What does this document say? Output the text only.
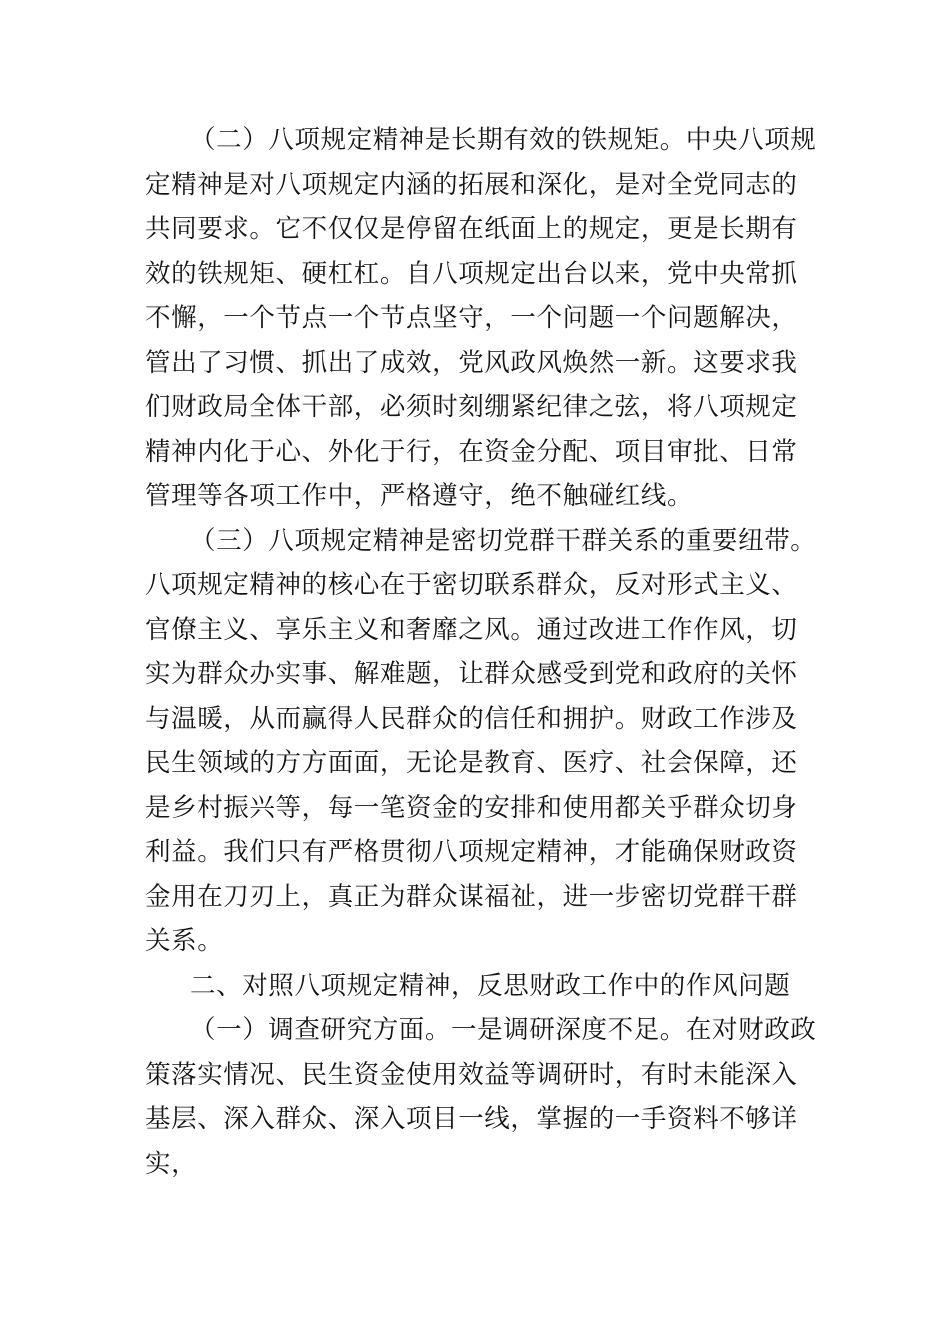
（二）八项规定精神是长期有效的铁规矩。中央八项规
定精神是对八项规定内涵的拓展和深化，是对全党同志的
共同要求。它不仅仅是停留在纸面上的规定，更是长期有
效的铁规矩、硬杠杠。自八项规定出台以来，党中央常抓
不懈，一个节点一个节点坚守，一个问题一个问题解决，
管出了习惯、抓出了成效，党风政风焕然一新。这要求我
们财政局全体干部，必须时刻绷紧纪律之弦，将八项规定
精神内化于心、外化于行，在资金分配、项目审批、日常
管理等各项工作中，严格遵守，绝不触碰红线。
（三）八项规定精神是密切党群干群关系的重要纽带。
八项规定精神的核心在于密切联系群众，反对形式主义、
官僚主义、享乐主义和奢靡之风。通过改进工作作风，切
实为群众办实事、解难题，让群众感受到党和政府的关怀
与温暖，从而赢得人民群众的信任和拥护。财政工作涉及
民生领域的方方面面，无论是教育、医疗、社会保障，还
是乡村振兴等，每一笔资金的安排和使用都关乎群众切身
利益。我们只有严格贯彻八项规定精神，才能确保财政资
金用在刀刃上，真正为群众谋福祉，进一步密切党群干群
关系。
二、对照八项规定精神，反思财政工作中的作风问题
（一）调查研究方面。一是调研深度不足。在对财政政
策落实情况、民生资金使用效益等调研时，有时未能深入
基层、深入群众、深入项目一线，掌握的一手资料不够详
实，
